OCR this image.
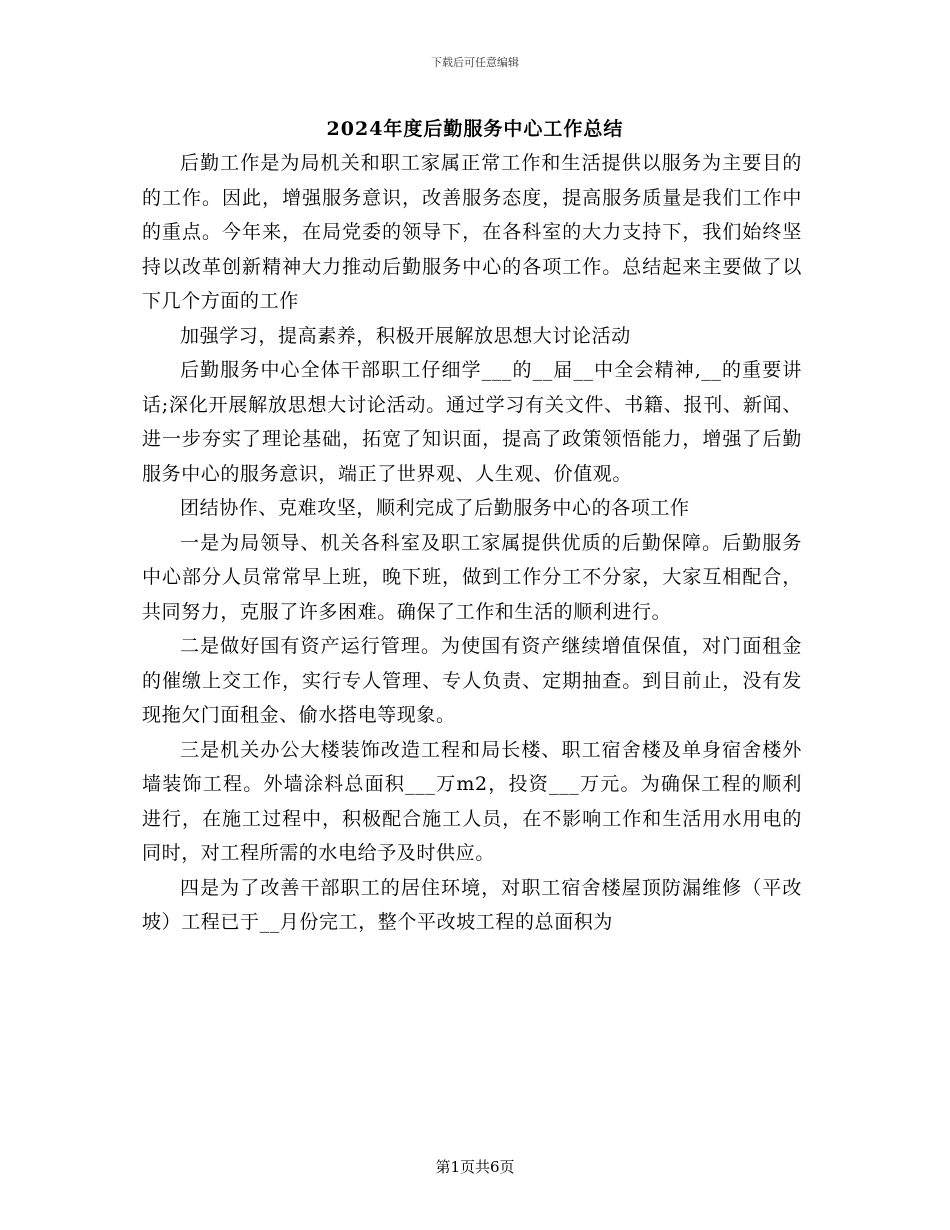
下载后可任意编辑
2024年度后勤服务中心工作总结

后勤工作是为局机关和职工家属正常工作和生活提供以服务为主要目的的工作。因此，增强服务意识，改善服务态度，提高服务质量是我们工作中的重点。今年来，在局党委的领导下，在各科室的大力支持下，我们始终坚持以改革创新精神大力推动后勤服务中心的各项工作。总结起来主要做了以下几个方面的工作

加强学习，提高素养，积极开展解放思想大讨论活动

后勤服务中心全体干部职工仔细学___的__届__中全会精神,__的重要讲话;深化开展解放思想大讨论活动。通过学习有关文件、书籍、报刊、新闻、进一步夯实了理论基础，拓宽了知识面，提高了政策领悟能力，增强了后勤服务中心的服务意识，端正了世界观、人生观、价值观。

团结协作、克难攻坚，顺利完成了后勤服务中心的各项工作

一是为局领导、机关各科室及职工家属提供优质的后勤保障。后勤服务中心部分人员常常早上班，晚下班，做到工作分工不分家，大家互相配合，共同努力，克服了许多困难。确保了工作和生活的顺利进行。

二是做好国有资产运行管理。为使国有资产继续增值保值，对门面租金的催缴上交工作，实行专人管理、专人负责、定期抽查。到目前止，没有发现拖欠门面租金、偷水搭电等现象。

三是机关办公大楼装饰改造工程和局长楼、职工宿舍楼及单身宿舍楼外墙装饰工程。外墙涂料总面积___万m2，投资___万元。为确保工程的顺利进行，在施工过程中，积极配合施工人员，在不影响工作和生活用水用电的同时，对工程所需的水电给予及时供应。

四是为了改善干部职工的居住环境，对职工宿舍楼屋顶防漏维修（平改坡）工程已于__月份完工，整个平改坡工程的总面积为

第1页共6页
